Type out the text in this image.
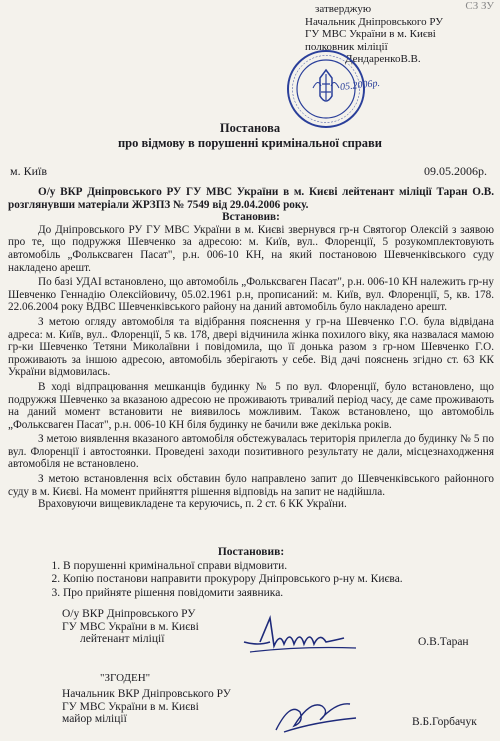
СЗ ЗУ
затверджую
Начальник Дніпровського РУ
ГУ МВС України в м. Києві
полковник міліції
ДендаренкоВ.В.
05.2006р.
Постанова
про відмову в порушенні кримінальної справи
м. Київ	09.05.2006р.

О/у ВКР Дніпровського РУ ГУ МВС України в м. Києві лейтенант міліції Таран О.В. розглянувши матеріали ЖРЗПЗ № 7549 від 29.04.2006 року.

Встановив:

До Дніпровського РУ ГУ МВС України в м. Києві звернувся гр-н Святогор Олексій з заявою про те, що подружжя Шевченко за адресою: м. Київ, вул.. Флоренції, 5 розукомплектовують автомобіль „Фольксваген Пасат", р.н. 006-10 КН, на який постановою Шевченківського суду накладено арешт.

По базі УДАІ встановлено, що автомобіль „Фольксваген Пасат", р.н. 006-10 КН належить гр-ну Шевченко Геннадію Олексійовичу, 05.02.1961 р.н, прописаний: м. Київ, вул. Флоренції, 5, кв. 178. 22.06.2004 року ВДВС Шевченківського району на даний автомобіль було накладено арешт.

З метою огляду автомобіля та відібрання пояснення у гр-на Шевченко Г.О. була відвідана адреса: м. Київ, вул.. Флоренції, 5 кв. 178, двері відчинила жінка похилого віку, яка назвалася мамою гр-ки Шевченко Тетяни Миколаївни і повідомила, що її донька разом з гр-ном Шевченко Г.О. проживають за іншою адресою, автомобіль зберігають у себе. Від дачі пояснень згідно ст. 63 КК України відмовилась.

В ході відпрацювання мешканців будинку № 5 по вул. Флоренції, було встановлено, що подружжя Шевченко за вказаною адресою не проживають тривалий період часу, де саме проживають на даний момент встановити не виявилось можливим. Також встановлено, що автомобіль „Фольксваген Пасат", р.н. 006-10 КН біля будинку не бачили вже декілька років.

З метою виявлення вказаного автомобіля обстежувалась територія прилегла до будинку № 5 по вул. Флоренції і автостоянки. Проведені заходи позитивного результату не дали, місцезнаходження автомобіля не встановлено.

З метою встановлення всіх обставин було направлено запит до Шевченківського районного суду в м. Києві. На момент прийняття рішення відповідь на запит не надійшла.

Враховуючи вищевикладене та керуючись, п. 2 ст. 6 КК України.

Постановив:
1. В порушенні кримінальної справи відмовити.
2. Копію постанови направити прокурору Дніпровського р-ну м. Києва.
3. Про прийняте рішення повідомити заявника.
О/у ВКР Дніпровського РУ
ГУ МВС України в м. Києві
лейтенант міліції	О.В.Таран
"ЗГОДЕН"
Начальник ВКР Дніпровського РУ
ГУ МВС України в м. Києві
майор міліції	В.Б.Горбачук
